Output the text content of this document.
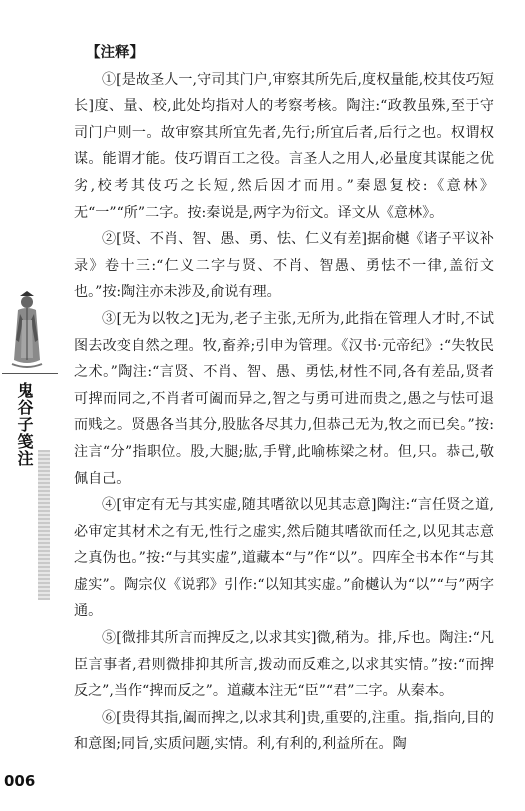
鬼谷子笺注
006

【注释】

①[是故圣人一,守司其门户,审察其所先后,度权量能,校其伎巧短长]度、量、校,此处均指对人的考察考核。陶注:“政教虽殊,至于守司门户则一。故审察其所宜先者,先行;所宜后者,后行之也。权谓权谋。能谓才能。伎巧谓百工之役。言圣人之用人,必量度其谋能之优劣,校考其伎巧之长短,然后因才而用。”秦恩复校:《意林》无“一”“所”二字。按:秦说是,两字为衍文。译文从《意林》。

②[贤、不肖、智、愚、勇、怯、仁义有差]据俞樾《诸子平议补录》卷十三:“仁义二字与贤、不肖、智愚、勇怯不一律,盖衍文也。”按:陶注亦未涉及,俞说有理。

③[无为以牧之]无为,老子主张,无所为,此指在管理人才时,不试图去改变自然之理。牧,畜养;引申为管理。《汉书·元帝纪》:“失牧民之术。”陶注:“言贤、不肖、智、愚、勇怯,材性不同,各有差品,贤者可捭而同之,不肖者可阖而异之,智之与勇可进而贵之,愚之与怯可退而贱之。贤愚各当其分,股肱各尽其力,但恭己无为,牧之而已矣。”按:注言“分”指职位。股,大腿;肱,手臂,此喻栋梁之材。但,只。恭己,敬佩自己。

④[审定有无与其实虚,随其嗜欲以见其志意]陶注:“言任贤之道,必审定其材术之有无,性行之虚实,然后随其嗜欲而任之,以见其志意之真伪也。”按:“与其实虚”,道藏本“与”作“以”。四库全书本作“与其虚实”。陶宗仪《说郛》引作:“以知其实虚。”俞樾认为“以”“与”两字通。

⑤[微排其所言而捭反之,以求其实]微,稍为。排,斥也。陶注:“凡臣言事者,君则微排抑其所言,拨动而反难之,以求其实情。”按:“而捭反之”,当作“捭而反之”。道藏本注无“臣”“君”二字。从秦本。

⑥[贵得其指,阖而捭之,以求其利]贵,重要的,注重。指,指向,目的和意图;同旨,实质问题,实情。利,有利的,利益所在。陶
